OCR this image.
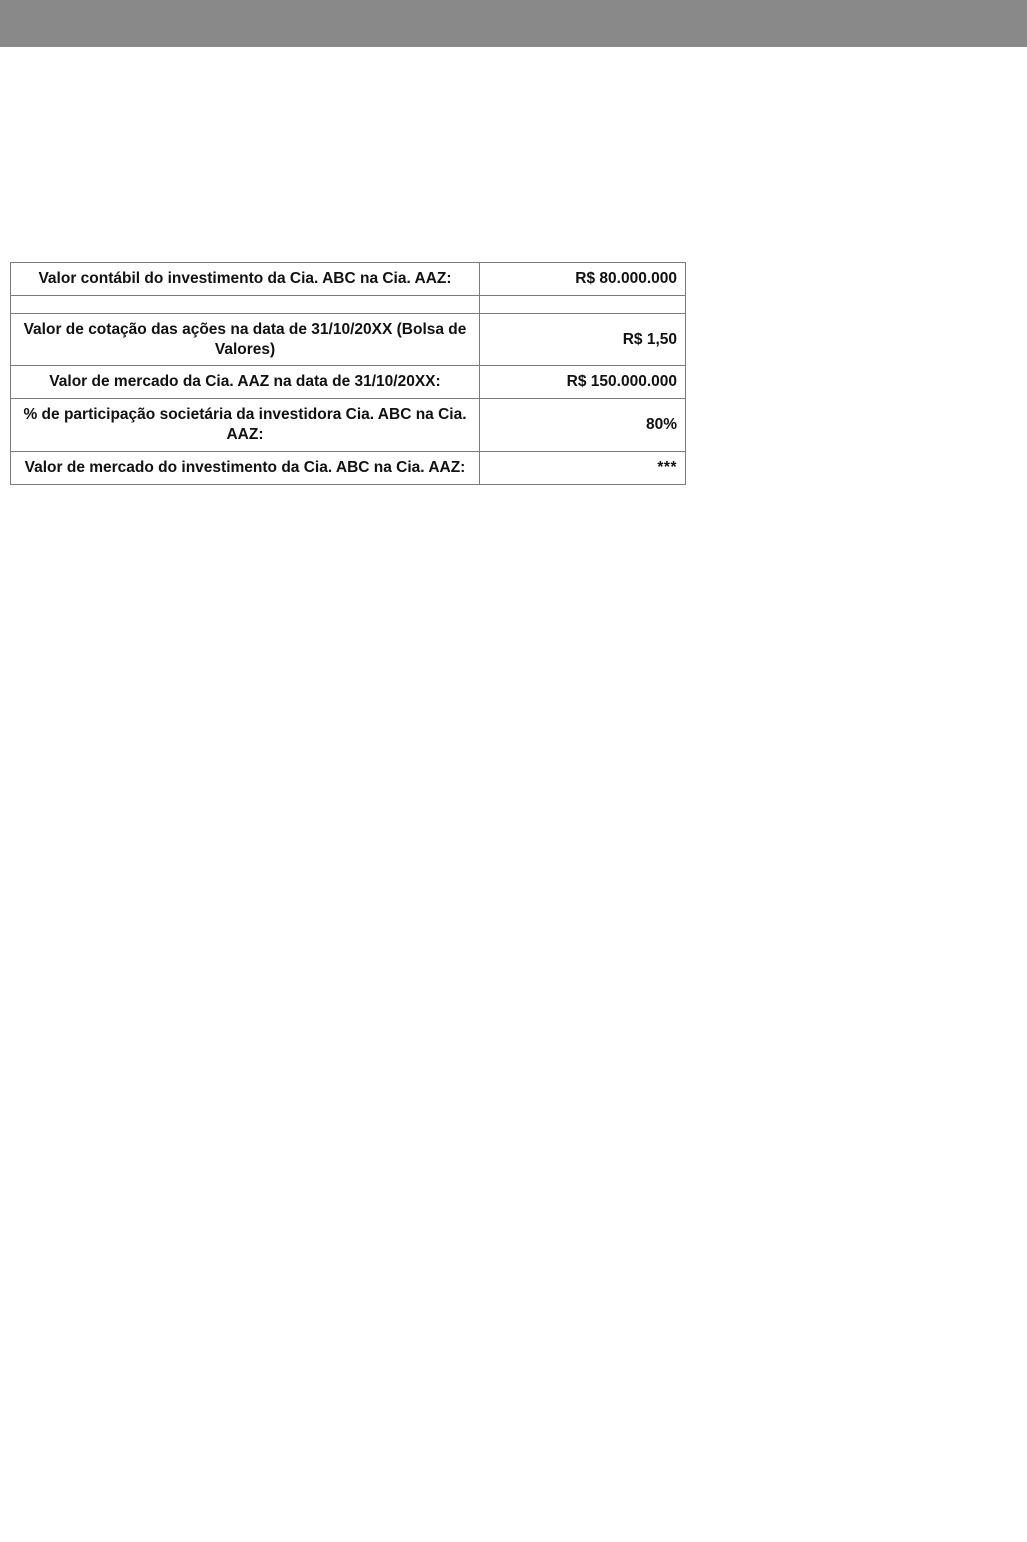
Valor contábil do investimento da Cia. ABC na Cia. AAZ:	R$ 80.000.000

Valor de cotação das ações na data de 31/10/20XX (Bolsa de Valores)	R$ 1,50
Valor de mercado da Cia. AAZ na data de 31/10/20XX:	R$ 150.000.000
% de participação societária da investidora Cia. ABC na Cia. AAZ:	80%
Valor de mercado do investimento da Cia. ABC na Cia. AAZ:	***
